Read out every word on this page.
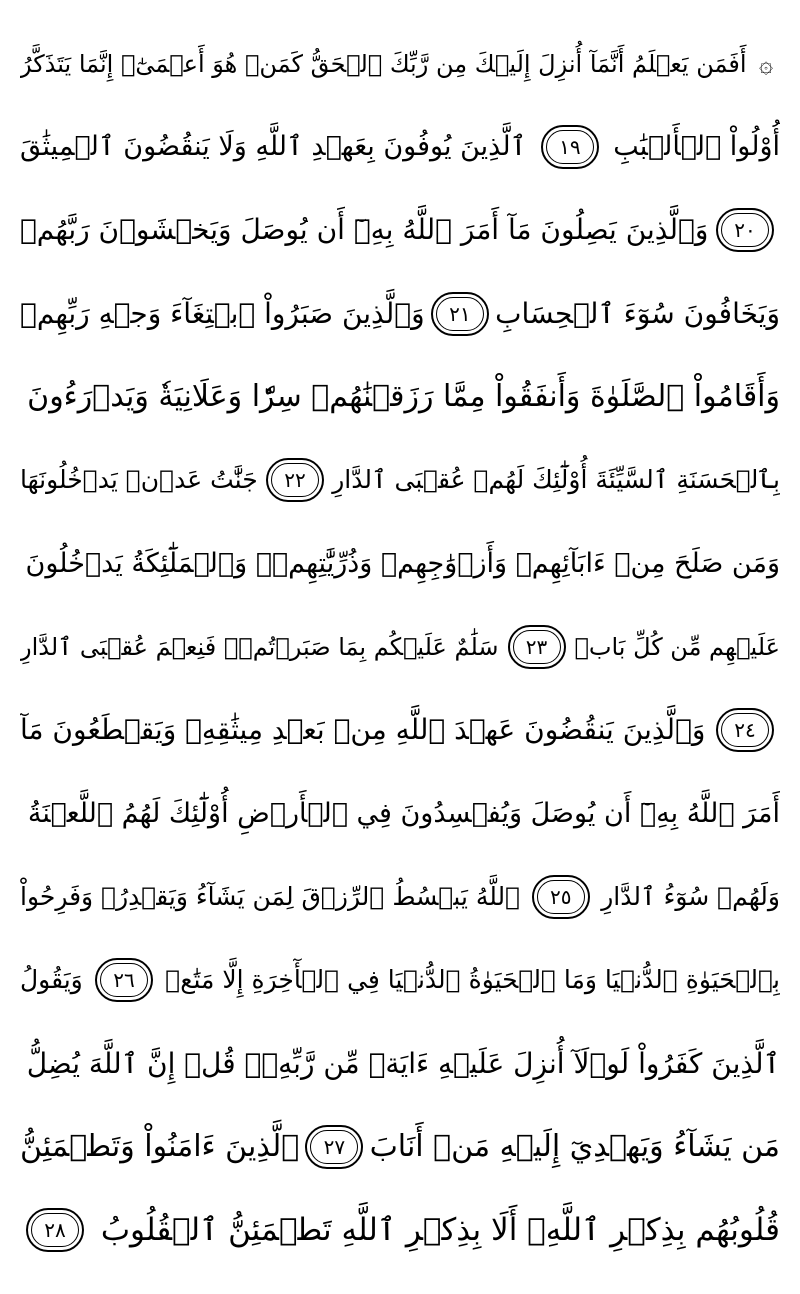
۞
أَفَمَن يَعۡلَمُ أَنَّمَآ أُنزِلَ إِلَيۡكَ مِن رَّبِّكَ ٱلۡحَقُّ كَمَنۡ هُوَ أَعۡمَىٰٓۚ إِنَّمَا يَتَذَكَّرُ
أُوْلُواْ ٱلۡأَلۡبَٰبِ
١٩
ٱلَّذِينَ يُوفُونَ بِعَهۡدِ ٱللَّهِ وَلَا يَنقُضُونَ ٱلۡمِيثَٰقَ
٢٠
وَٱلَّذِينَ يَصِلُونَ مَآ أَمَرَ ٱللَّهُ بِهِۦٓ أَن يُوصَلَ وَيَخۡشَوۡنَ رَبَّهُمۡ
وَيَخَافُونَ سُوٓءَ ٱلۡحِسَابِ
٢١
وَٱلَّذِينَ صَبَرُواْ ٱبۡتِغَآءَ وَجۡهِ رَبِّهِمۡ
وَأَقَامُواْ ٱلصَّلَوٰةَ وَأَنفَقُواْ مِمَّا رَزَقۡنَٰهُمۡ سِرّٗا وَعَلَانِيَةٗ وَيَدۡرَءُونَ
بِٱلۡحَسَنَةِ ٱلسَّيِّئَةَ أُوْلَٰٓئِكَ لَهُمۡ عُقۡبَى ٱلدَّارِ
٢٢
جَنَّٰتُ عَدۡنٖ يَدۡخُلُونَهَا
وَمَن صَلَحَ مِنۡ ءَابَآئِهِمۡ وَأَزۡوَٰجِهِمۡ وَذُرِّيَّٰتِهِمۡۖ وَٱلۡمَلَٰٓئِكَةُ يَدۡخُلُونَ
عَلَيۡهِم مِّن كُلِّ بَابٖ
٢٣
سَلَٰمٌ عَلَيۡكُم بِمَا صَبَرۡتُمۡۚ فَنِعۡمَ عُقۡبَى ٱلدَّارِ
٢٤
وَٱلَّذِينَ يَنقُضُونَ عَهۡدَ ٱللَّهِ مِنۢ بَعۡدِ مِيثَٰقِهِۦ وَيَقۡطَعُونَ مَآ
أَمَرَ ٱللَّهُ بِهِۦٓ أَن يُوصَلَ وَيُفۡسِدُونَ فِي ٱلۡأَرۡضِ أُوْلَٰٓئِكَ لَهُمُ ٱللَّعۡنَةُ
وَلَهُمۡ سُوٓءُ ٱلدَّارِ
٢٥
ٱللَّهُ يَبۡسُطُ ٱلرِّزۡقَ لِمَن يَشَآءُ وَيَقۡدِرُۚ وَفَرِحُواْ
بِٱلۡحَيَوٰةِ ٱلدُّنۡيَا وَمَا ٱلۡحَيَوٰةُ ٱلدُّنۡيَا فِي ٱلۡأٓخِرَةِ إِلَّا مَتَٰعٞ
٢٦
وَيَقُولُ
ٱلَّذِينَ كَفَرُواْ لَوۡلَآ أُنزِلَ عَلَيۡهِ ءَايَةٞ مِّن رَّبِّهِۦۗ قُلۡ إِنَّ ٱللَّهَ يُضِلُّ
مَن يَشَآءُ وَيَهۡدِيٓ إِلَيۡهِ مَنۡ أَنَابَ
٢٧
ٱلَّذِينَ ءَامَنُواْ وَتَطۡمَئِنُّ
قُلُوبُهُم بِذِكۡرِ ٱللَّهِۗ أَلَا بِذِكۡرِ ٱللَّهِ تَطۡمَئِنُّ ٱلۡقُلُوبُ
٢٨
